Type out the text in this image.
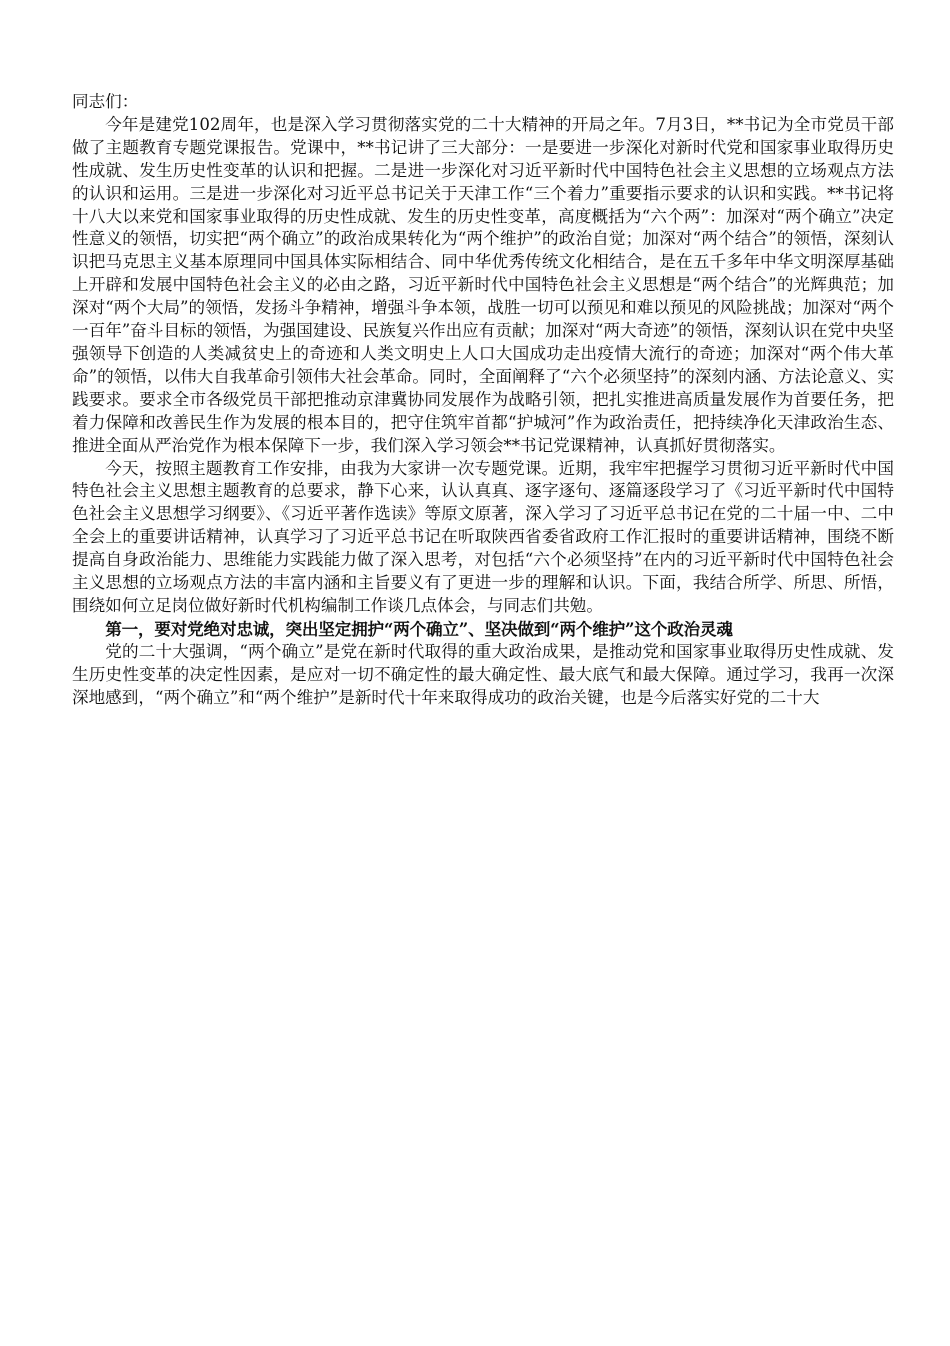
同志们：

今年是建党102周年，也是深入学习贯彻落实党的二十大精神的开局之年。7月3日，**书记为全市党员干部做了主题教育专题党课报告。党课中，**书记讲了三大部分：一是要进一步深化对新时代党和国家事业取得历史性成就、发生历史性变革的认识和把握。二是进一步深化对习近平新时代中国特色社会主义思想的立场观点方法的认识和运用。三是进一步深化对习近平总书记关于天津工作“三个着力”重要指示要求的认识和实践。**书记将十八大以来党和国家事业取得的历史性成就、发生的历史性变革，高度概括为“六个两”：加深对“两个确立”决定性意义的领悟，切实把“两个确立”的政治成果转化为“两个维护”的政治自觉；加深对“两个结合”的领悟，深刻认识把马克思主义基本原理同中国具体实际相结合、同中华优秀传统文化相结合，是在五千多年中华文明深厚基础上开辟和发展中国特色社会主义的必由之路，习近平新时代中国特色社会主义思想是“两个结合”的光辉典范；加深对“两个大局”的领悟，发扬斗争精神，增强斗争本领，战胜一切可以预见和难以预见的风险挑战；加深对“两个一百年”奋斗目标的领悟，为强国建设、民族复兴作出应有贡献；加深对“两大奇迹”的领悟，深刻认识在党中央坚强领导下创造的人类减贫史上的奇迹和人类文明史上人口大国成功走出疫情大流行的奇迹；加深对“两个伟大革命”的领悟，以伟大自我革命引领伟大社会革命。同时，全面阐释了“六个必须坚持”的深刻内涵、方法论意义、实践要求。要求全市各级党员干部把推动京津冀协同发展作为战略引领，把扎实推进高质量发展作为首要任务，把着力保障和改善民生作为发展的根本目的，把守住筑牢首都“护城河”作为政治责任，把持续净化天津政治生态、推进全面从严治党作为根本保障下一步，我们深入学习领会**书记党课精神，认真抓好贯彻落实。

今天，按照主题教育工作安排，由我为大家讲一次专题党课。近期，我牢牢把握学习贯彻习近平新时代中国特色社会主义思想主题教育的总要求，静下心来，认认真真、逐字逐句、逐篇逐段学习了《习近平新时代中国特色社会主义思想学习纲要》、《习近平著作选读》等原文原著，深入学习了习近平总书记在党的二十届一中、二中全会上的重要讲话精神，认真学习了习近平总书记在听取陕西省委省政府工作汇报时的重要讲话精神，围绕不断提高自身政治能力、思维能力实践能力做了深入思考，对包括“六个必须坚持”在内的习近平新时代中国特色社会主义思想的立场观点方法的丰富内涵和主旨要义有了更进一步的理解和认识。下面，我结合所学、所思、所悟，围绕如何立足岗位做好新时代机构编制工作谈几点体会，与同志们共勉。

第一，要对党绝对忠诚，突出坚定拥护“两个确立”、坚决做到“两个维护”这个政治灵魂

党的二十大强调，“两个确立”是党在新时代取得的重大政治成果，是推动党和国家事业取得历史性成就、发生历史性变革的决定性因素，是应对一切不确定性的最大确定性、最大底气和最大保障。通过学习，我再一次深深地感到，“两个确立”和“两个维护”是新时代十年来取得成功的政治关键，也是今后落实好党的二十大
